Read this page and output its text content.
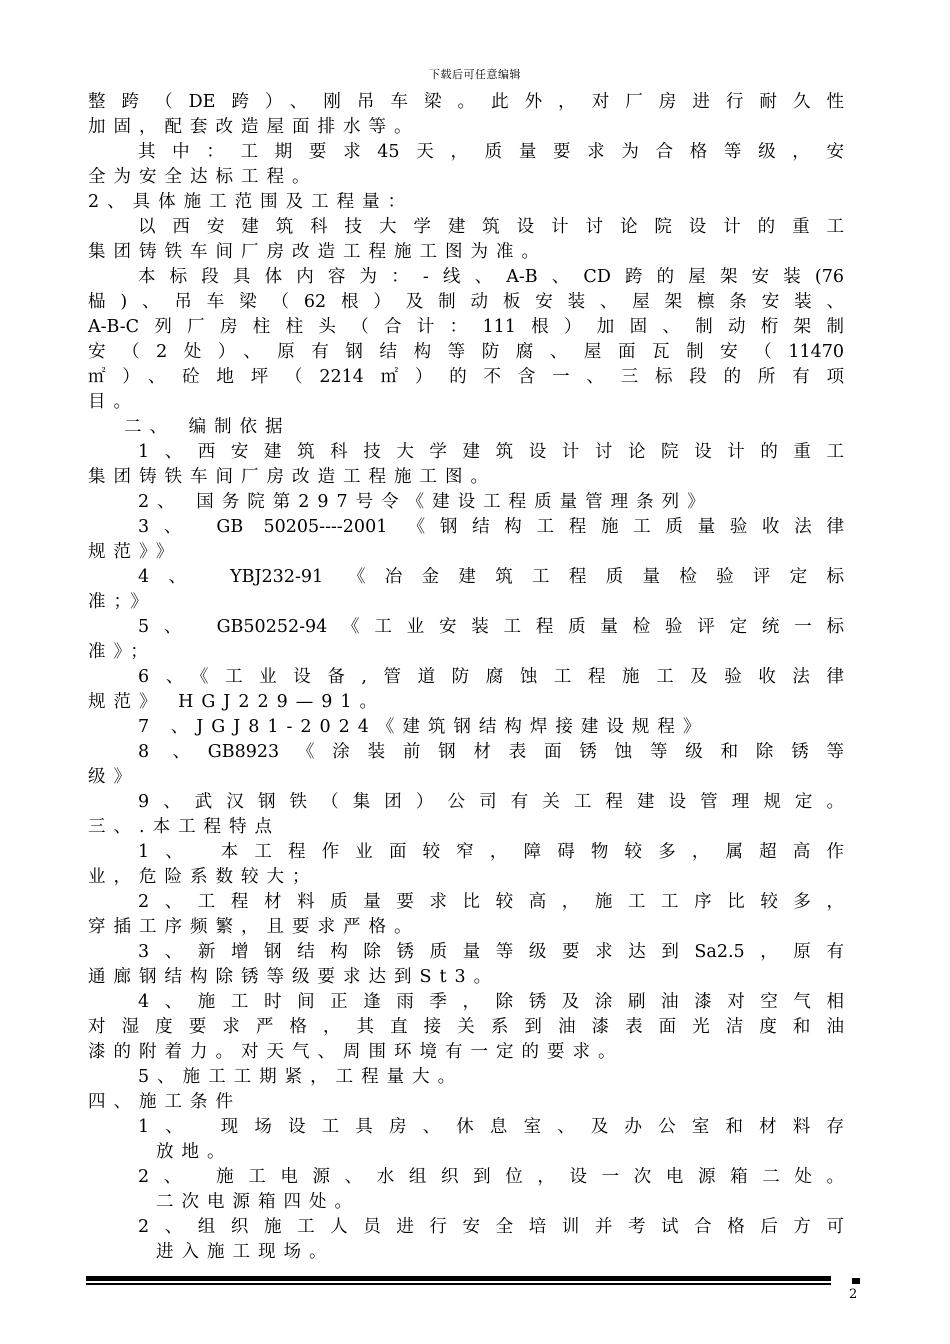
下载后可任意编辑
整跨（DE跨）、刚吊车梁。此外，对厂房进行耐久性
加固，配套改造屋面排水等。
其中：工期要求45天，质量要求为合格等级，安
全为安全达标工程。
2、具体施工范围及工程量：
以西安建筑科技大学建筑设计讨论院设计的重工
集团铸铁车间厂房改造工程施工图为准。
本标段具体内容为：-线、A-B、CD跨的屋架安装(76
榀)、吊车梁（62根）及制动板安装、屋架檩条安装、
A-B-C列厂房柱柱头（合计：111根）加固、制动桁架制
安（2处）、原有钢结构等防腐、屋面瓦制安（11470
㎡）、砼地坪（2214㎡）的不含一、三标段的所有项
目。
二、 编制依据
1、西安建筑科技大学建筑设计讨论院设计的重工
集团铸铁车间厂房改造工程施工图。
2、 国务院第297号令《建设工程质量管理条列》
3、 GB 50205----2001 《钢结构工程施工质量验收法律
规范》》
4、 YBJ232-91 《冶金建筑工程质量检验评定标
准；》
5、 GB50252-94《工业安装工程质量检验评定统一标
准》；
6、《工业设备,管道防腐蚀工程施工及验收法律
规范》 HGJ229—91。
7 、JGJ81-2024《建筑钢结构焊接建设规程》
8 、GB8923《涂装前钢材表面锈蚀等级和除锈等
级》
9、武汉钢铁（集团）公司有关工程建设管理规定。
三、.本工程特点
1、 本工程作业面较窄，障碍物较多，属超高作
业，危险系数较大；
2、工程材料质量要求比较高，施工工序比较多，
穿插工序频繁，且要求严格。
3、新增钢结构除锈质量等级要求达到Sa2.5，原有
通廊钢结构除锈等级要求达到St3。
4、施工时间正逢雨季，除锈及涂刷油漆对空气相
对湿度要求严格，其直接关系到油漆表面光洁度和油
漆的附着力。对天气、周围环境有一定的要求。
5、施工工期紧，工程量大。
四、施工条件
1、 现场设工具房、休息室、及办公室和材料存
放地。
2、 施工电源、水组织到位，设一次电源箱二处。
二次电源箱四处。
2、组织施工人员进行安全培训并考试合格后方可
进入施工现场。
2
